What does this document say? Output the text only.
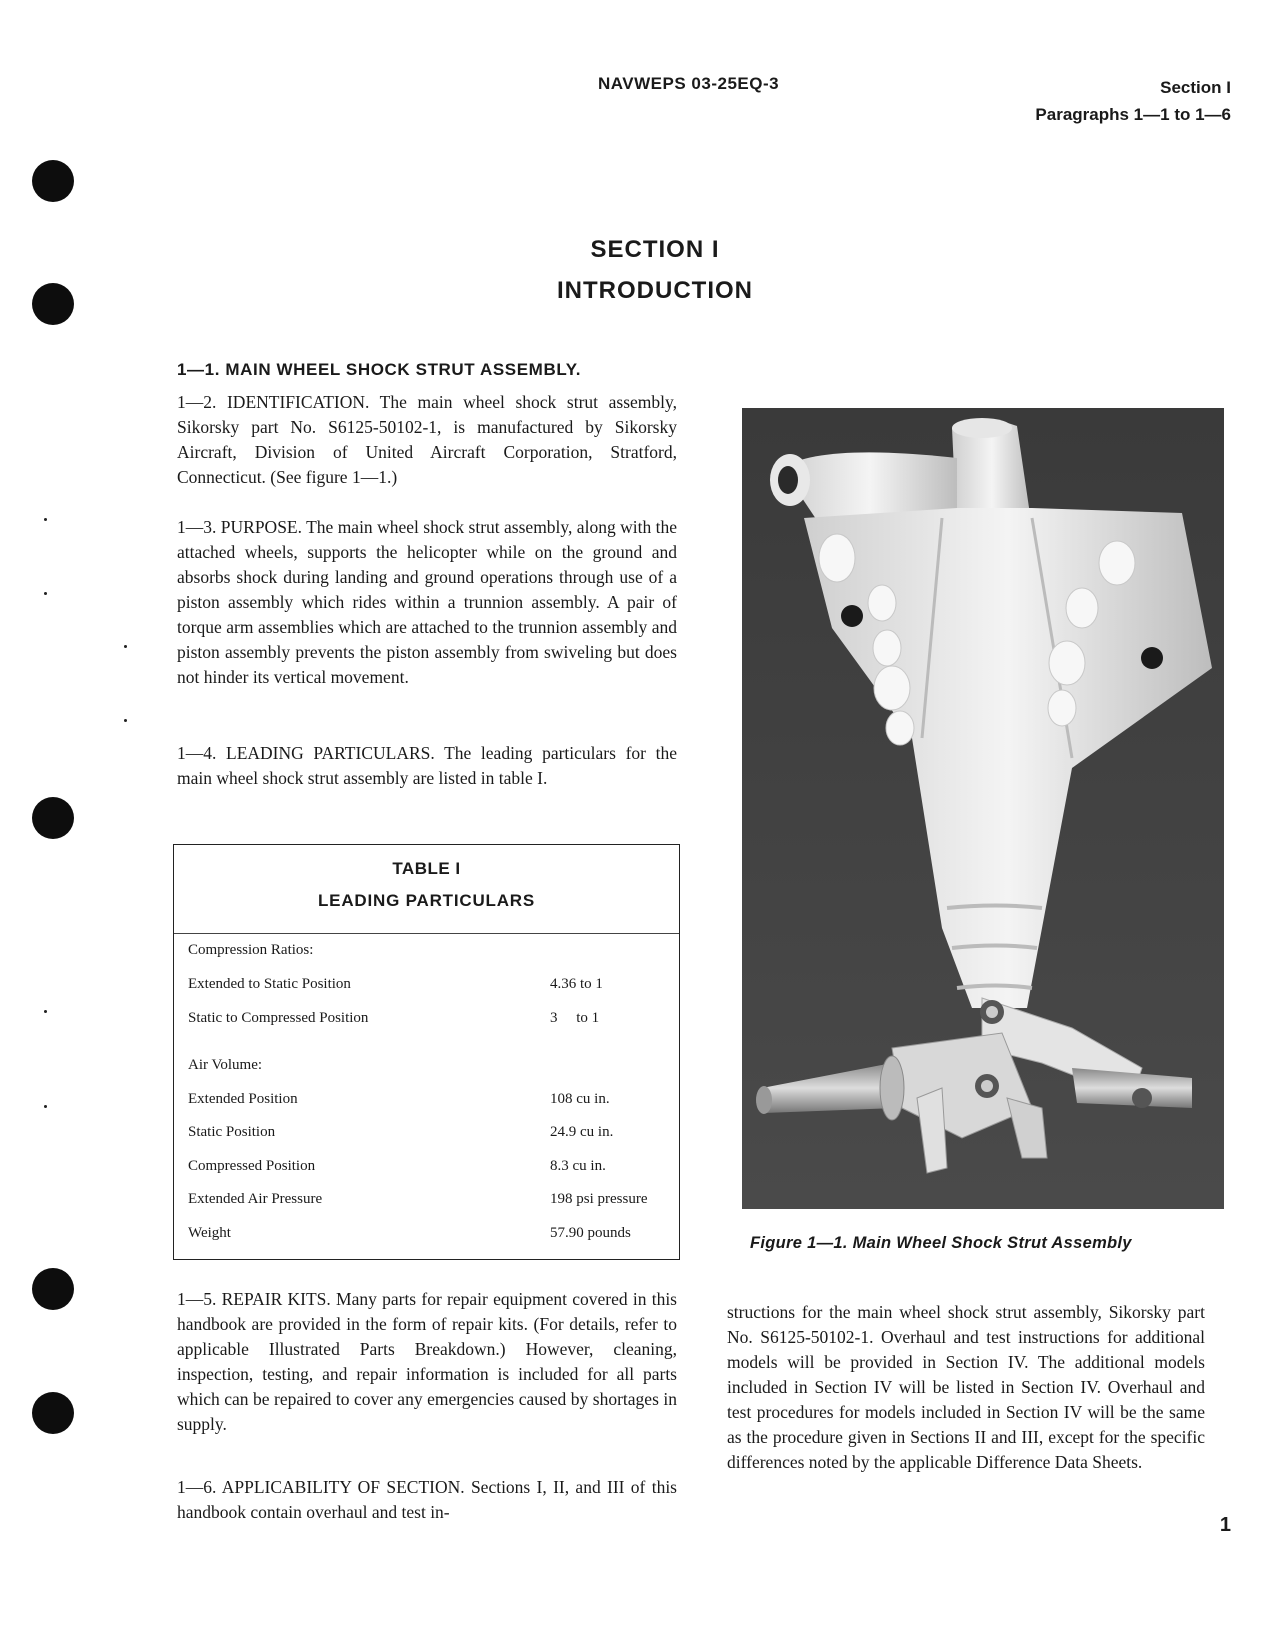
NAVWEPS 03-25EQ-3	Section I
Paragraphs 1—1 to 1—6
SECTION I
INTRODUCTION
1—1. MAIN WHEEL SHOCK STRUT ASSEMBLY.

1—2. IDENTIFICATION. The main wheel shock strut assembly, Sikorsky part No. S6125-50102-1, is manufactured by Sikorsky Aircraft, Division of United Aircraft Corporation, Stratford, Connecticut. (See figure 1—1.)

1—3. PURPOSE. The main wheel shock strut assembly, along with the attached wheels, supports the helicopter while on the ground and absorbs shock during landing and ground operations through use of a piston assembly which rides within a trunnion assembly. A pair of torque arm assemblies which are attached to the trunnion assembly and piston assembly prevents the piston assembly from swiveling but does not hinder its vertical movement.

1—4. LEADING PARTICULARS. The leading particulars for the main wheel shock strut assembly are listed in table I.

TABLE I
LEADING PARTICULARS
Compression Ratios:
Extended to Static Position	4.36 to 1
Static to Compressed Position	3     to 1
Air Volume:
Extended Position	108 cu in.
Static Position	24.9 cu in.
Compressed Position	8.3 cu in.
Extended Air Pressure	198 psi pressure
Weight	57.90 pounds
Figure 1—1. Main Wheel Shock Strut Assembly

1—5. REPAIR KITS. Many parts for repair equipment covered in this handbook are provided in the form of repair kits. (For details, refer to applicable Illustrated Parts Breakdown.) However, cleaning, inspection, testing, and repair information is included for all parts which can be repaired to cover any emergencies caused by shortages in supply.

1—6. APPLICABILITY OF SECTION. Sections I, II, and III of this handbook contain overhaul and test in-

structions for the main wheel shock strut assembly, Sikorsky part No. S6125-50102-1. Overhaul and test instructions for additional models will be provided in Section IV. The additional models included in Section IV will be listed in Section IV. Overhaul and test procedures for models included in Section IV will be the same as the procedure given in Sections II and III, except for the specific differences noted by the applicable Difference Data Sheets.

1
